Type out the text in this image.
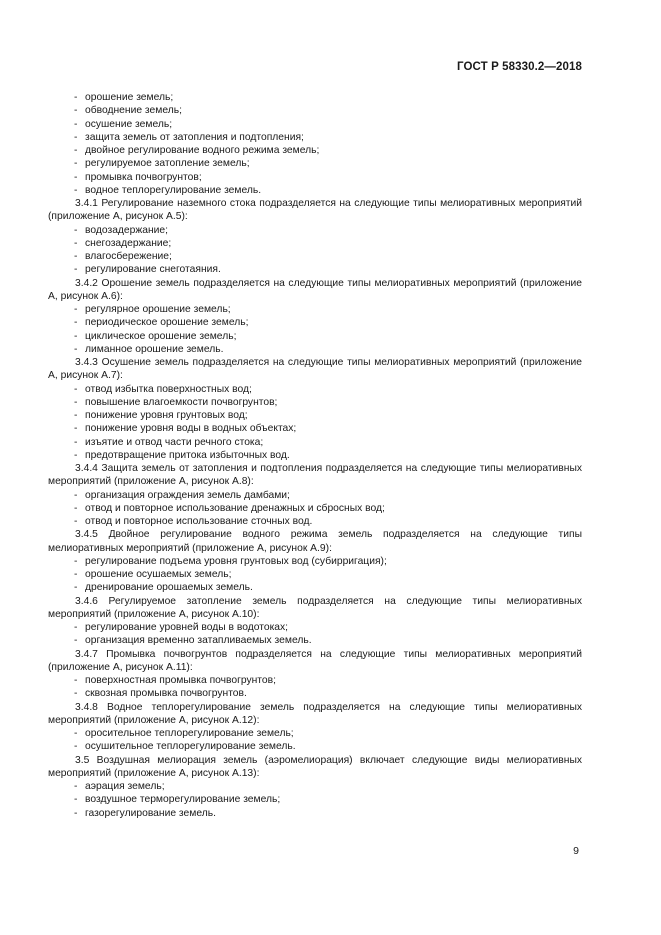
ГОСТ Р 58330.2—2018
- орошение земель;
- обводнение земель;
- осушение земель;
- защита земель от затопления и подтопления;
- двойное регулирование водного режима земель;
- регулируемое затопление земель;
- промывка почвогрунтов;
- водное теплорегулирование земель.
3.4.1 Регулирование наземного стока подразделяется на следующие типы мелиоративных мероприятий (приложение А, рисунок А.5):
- водозадержание;
- снегозадержание;
- влагосбережение;
- регулирование снеготаяния.
3.4.2 Орошение земель подразделяется на следующие типы мелиоративных мероприятий (приложение А, рисунок А.6):
- регулярное орошение земель;
- периодическое орошение земель;
- циклическое орошение земель;
- лиманное орошение земель.
3.4.3 Осушение земель подразделяется на следующие типы мелиоративных мероприятий (приложение А, рисунок А.7):
- отвод избытка поверхностных вод;
- повышение влагоемкости почвогрунтов;
- понижение уровня грунтовых вод;
- понижение уровня воды в водных объектах;
- изъятие и отвод части речного стока;
- предотвращение притока избыточных вод.
3.4.4 Защита земель от затопления и подтопления подразделяется на следующие типы мелиоративных мероприятий (приложение А, рисунок А.8):
- организация ограждения земель дамбами;
- отвод и повторное использование дренажных и сбросных вод;
- отвод и повторное использование сточных вод.
3.4.5 Двойное регулирование водного режима земель подразделяется на следующие типы мелиоративных мероприятий (приложение А, рисунок А.9):
- регулирование подъема уровня грунтовых вод (субирригация);
- орошение осушаемых земель;
- дренирование орошаемых земель.
3.4.6 Регулируемое затопление земель подразделяется на следующие типы мелиоративных мероприятий (приложение А, рисунок А.10):
- регулирование уровней воды в водотоках;
- организация временно затапливаемых земель.
3.4.7 Промывка почвогрунтов подразделяется на следующие типы мелиоративных мероприятий (приложение А, рисунок А.11):
- поверхностная промывка почвогрунтов;
- сквозная промывка почвогрунтов.
3.4.8 Водное теплорегулирование земель подразделяется на следующие типы мелиоративных мероприятий (приложение А, рисунок А.12):
- оросительное теплорегулирование земель;
- осушительное теплорегулирование земель.
3.5 Воздушная мелиорация земель (аэромелиорация) включает следующие виды мелиоративных мероприятий (приложение А, рисунок А.13):
- аэрация земель;
- воздушное терморегулирование земель;
- газорегулирование земель.
9
